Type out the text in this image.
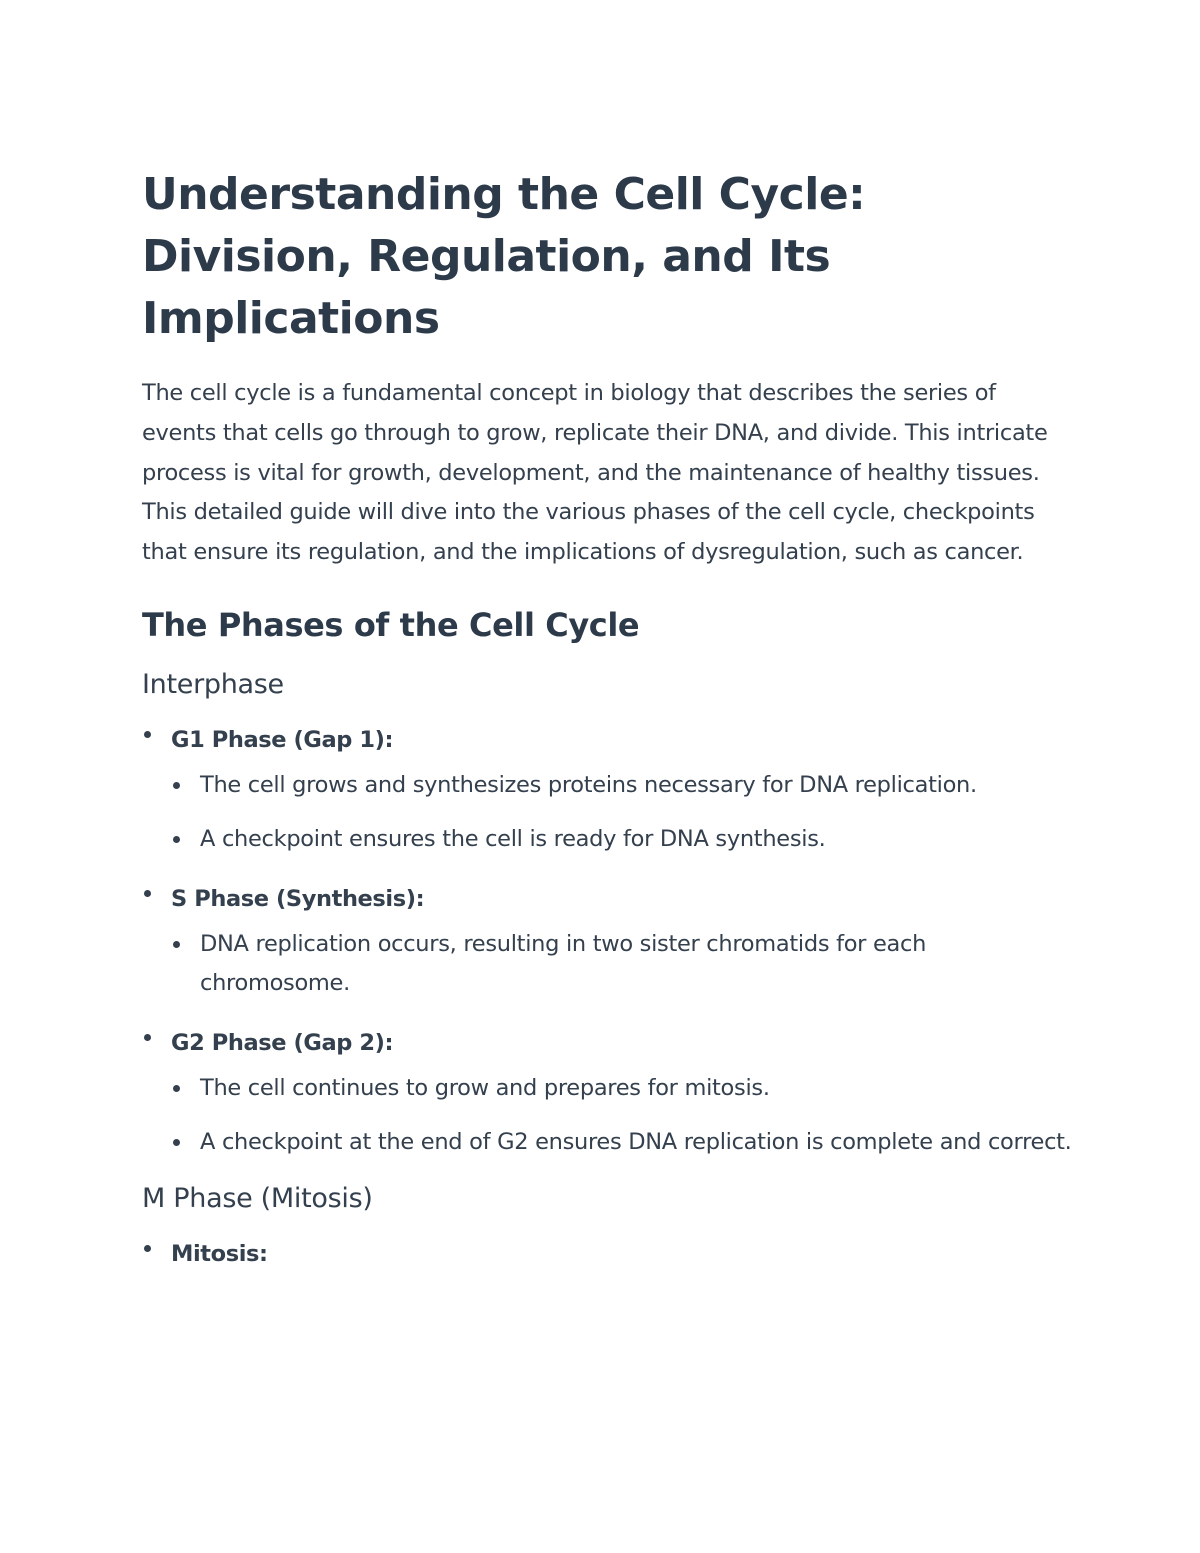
Understanding the Cell Cycle: Division, Regulation, and Its Implications

The cell cycle is a fundamental concept in biology that describes the series of events that cells go through to grow, replicate their DNA, and divide. This intricate process is vital for growth, development, and the maintenance of healthy tissues. This detailed guide will dive into the various phases of the cell cycle, checkpoints that ensure its regulation, and the implications of dysregulation, such as cancer.

The Phases of the Cell Cycle
Interphase
G1 Phase (Gap 1):
The cell grows and synthesizes proteins necessary for DNA replication.
A checkpoint ensures the cell is ready for DNA synthesis.
S Phase (Synthesis):
DNA replication occurs, resulting in two sister chromatids for each chromosome.
G2 Phase (Gap 2):
The cell continues to grow and prepares for mitosis.
A checkpoint at the end of G2 ensures DNA replication is complete and correct.
M Phase (Mitosis)
Mitosis:
